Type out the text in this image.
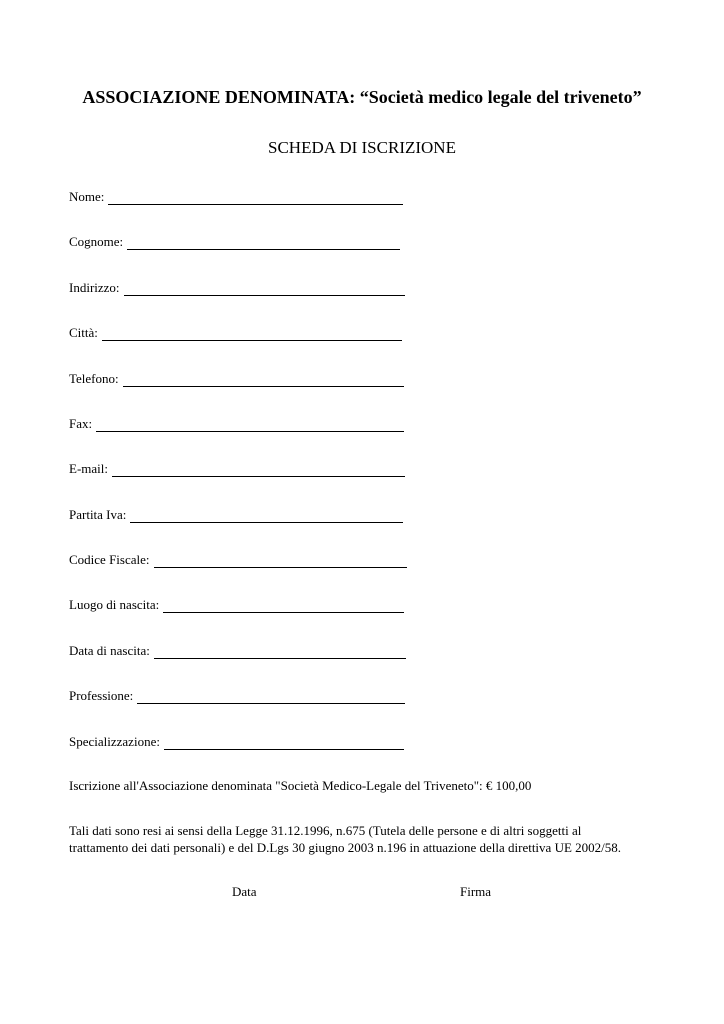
ASSOCIAZIONE DENOMINATA: “Società medico legale del triveneto”
SCHEDA DI ISCRIZIONE
Nome:
Cognome:
Indirizzo:
Città:
Telefono:
Fax:
E-mail:
Partita Iva:
Codice Fiscale:
Luogo di nascita:
Data di nascita:
Professione:
Specializzazione:
Iscrizione all'Associazione denominata "Società Medico-Legale del Triveneto": € 100,00
Tali dati sono resi ai sensi della Legge 31.12.1996, n.675 (Tutela delle persone e di altri soggetti al
trattamento dei dati personali) e del D.Lgs 30 giugno 2003 n.196 in attuazione della direttiva UE 2002/58.
Data	Firma
